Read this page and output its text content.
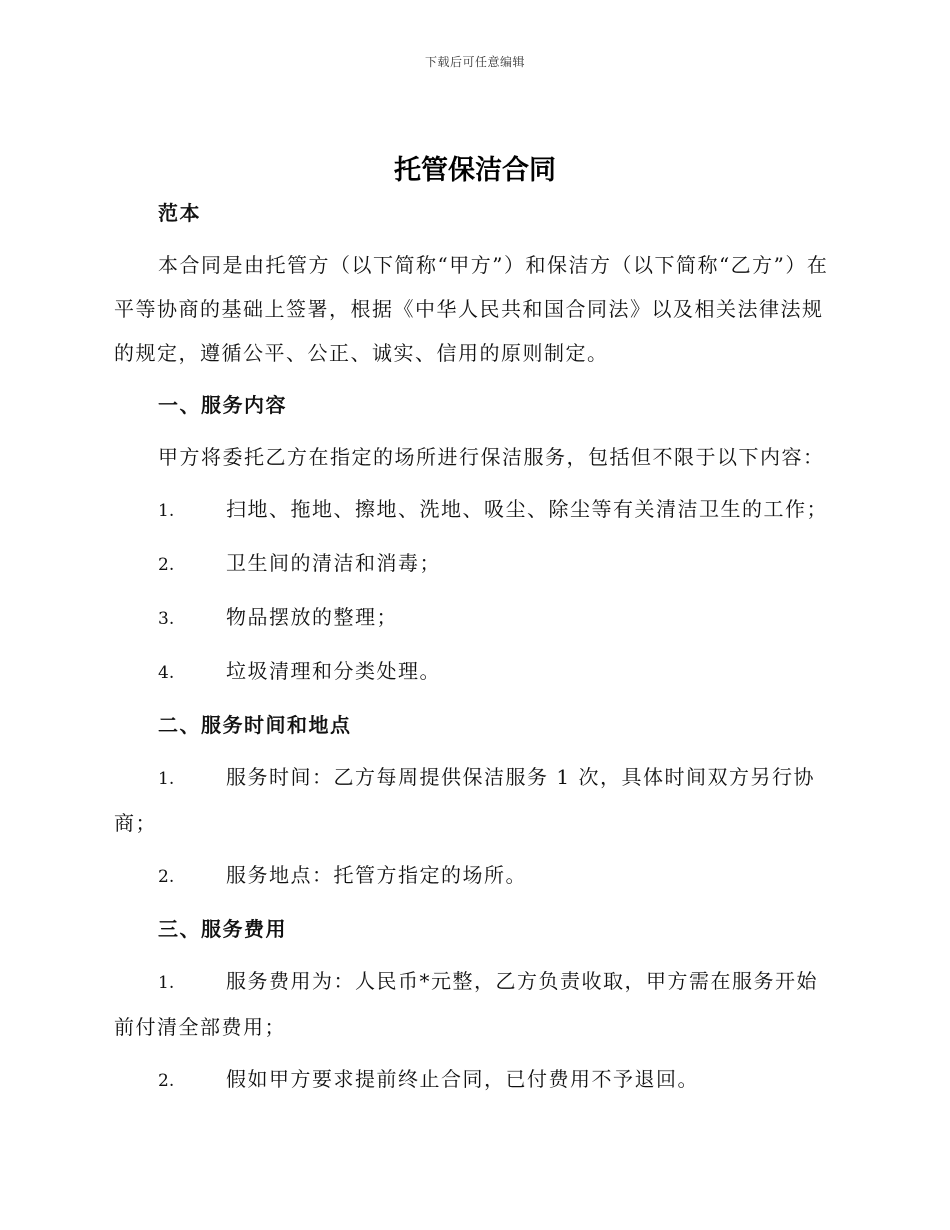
下载后可任意编辑
托管保洁合同

范本

本合同是由托管方（以下简称“甲方”）和保洁方（以下简称“乙方”）在平等协商的基础上签署，根据《中华人民共和国合同法》以及相关法律法规的规定，遵循公平、公正、诚实、信用的原则制定。

一、服务内容

甲方将委托乙方在指定的场所进行保洁服务，包括但不限于以下内容：

1.	扫地、拖地、擦地、洗地、吸尘、除尘等有关清洁卫生的工作；

2.	卫生间的清洁和消毒；

3.	物品摆放的整理；

4.	垃圾清理和分类处理。

二、服务时间和地点

1.	服务时间：乙方每周提供保洁服务 1 次，具体时间双方另行协商；

2.	服务地点：托管方指定的场所。

三、服务费用

1.	服务费用为：人民币*元整，乙方负责收取，甲方需在服务开始前付清全部费用；

2.	假如甲方要求提前终止合同，已付费用不予退回。
